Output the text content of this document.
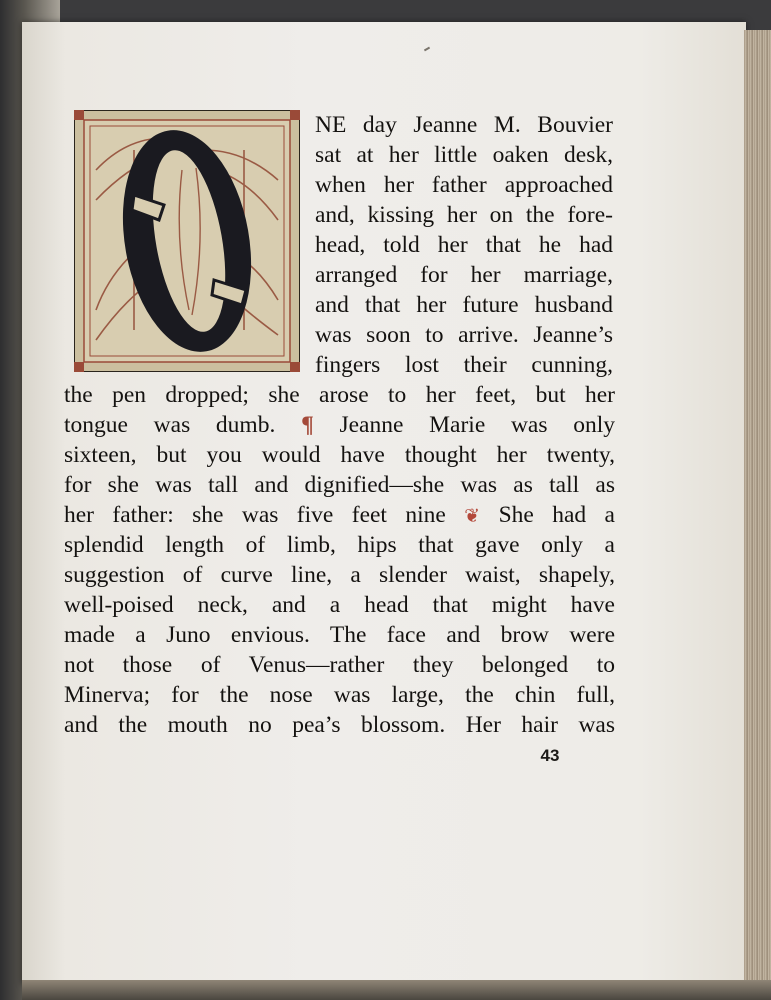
NE day Jeanne M. Bouvier
sat at her little oaken desk,
when her father approached
and, kissing her on the fore-
head, told her that he had
arranged for her marriage,
and that her future husband
was soon to arrive. Jeanne’s
fingers lost their cunning,
the pen dropped; she arose to her feet, but her
tongue was dumb. ¶ Jeanne Marie was only
sixteen, but you would have thought her twenty,
for she was tall and dignified—she was as tall as
her father: she was five feet nine ❦ She had a
splendid length of limb, hips that gave only a
suggestion of curve line, a slender waist, shapely,
well-poised neck, and a head that might have
made a Juno envious. The face and brow were
not those of Venus—rather they belonged to
Minerva; for the nose was large, the chin full,
and the mouth no pea’s blossom. Her hair was
43
